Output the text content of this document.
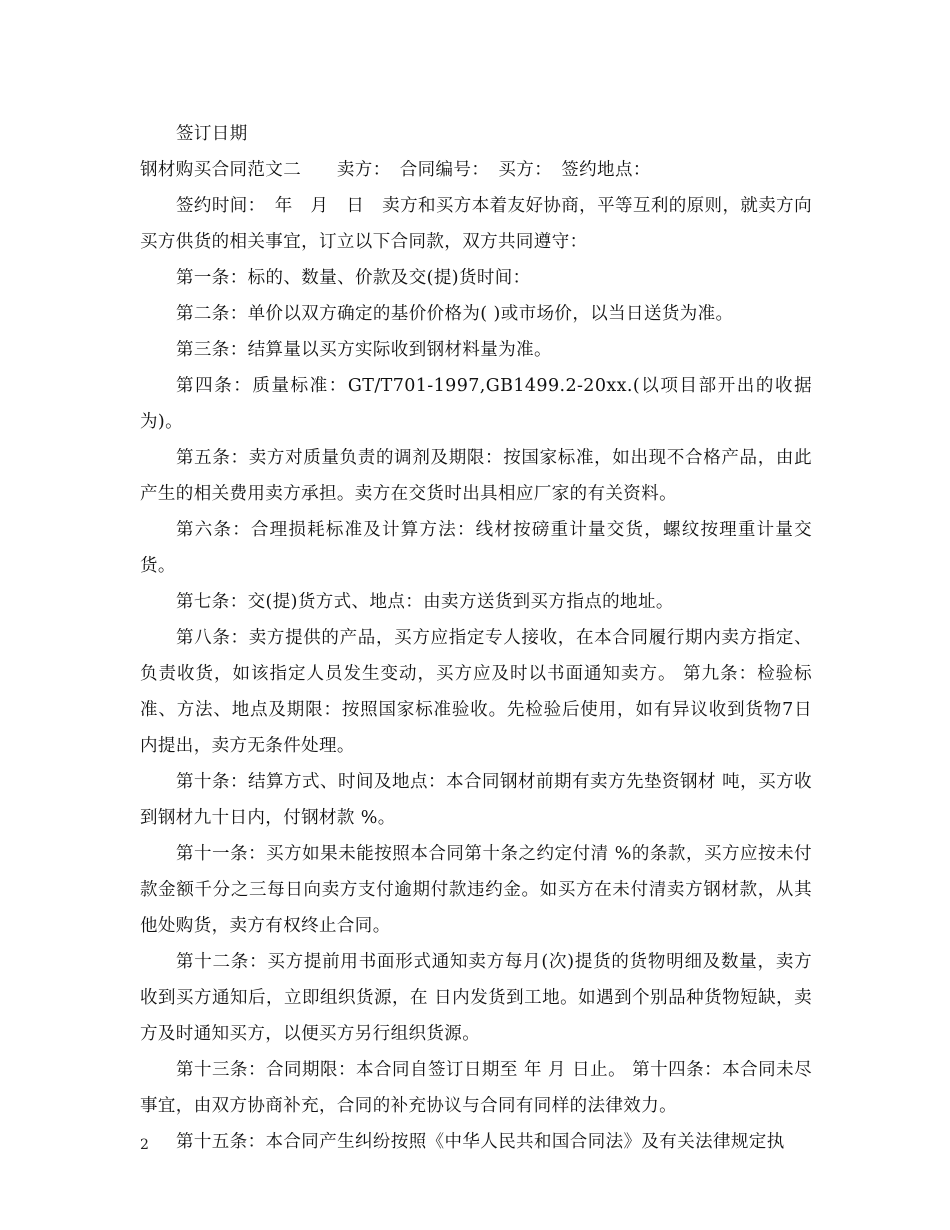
签订日期

钢材购买合同范文二　　卖方：　合同编号：　买方：　签约地点：

签约时间：　年　月　日　卖方和买方本着友好协商，平等互利的原则，就卖方向买方供货的相关事宜，订立以下合同款，双方共同遵守：

第一条：标的、数量、价款及交(提)货时间：

第二条：单价以双方确定的基价价格为( )或市场价，以当日送货为准。

第三条：结算量以买方实际收到钢材料量为准。

第四条：质量标准：GT/T701-1997,GB1499.2-20xx.(以项目部开出的收据为)。

第五条：卖方对质量负责的调剂及期限：按国家标准，如出现不合格产品，由此产生的相关费用卖方承担。卖方在交货时出具相应厂家的有关资料。

第六条：合理损耗标准及计算方法：线材按磅重计量交货，螺纹按理重计量交货。

第七条：交(提)货方式、地点：由卖方送货到买方指点的地址。

第八条：卖方提供的产品，买方应指定专人接收，在本合同履行期内卖方指定、 负责收货，如该指定人员发生变动，买方应及时以书面通知卖方。 第九条：检验标准、方法、地点及期限：按照国家标准验收。先检验后使用，如有异议收到货物7日内提出，卖方无条件处理。

第十条：结算方式、时间及地点：本合同钢材前期有卖方先垫资钢材 吨，买方收到钢材九十日内，付钢材款 %。

第十一条：买方如果未能按照本合同第十条之约定付清 %的条款，买方应按未付款金额千分之三每日向卖方支付逾期付款违约金。如买方在未付清卖方钢材款，从其他处购货，卖方有权终止合同。

第十二条：买方提前用书面形式通知卖方每月(次)提货的货物明细及数量，卖方收到买方通知后，立即组织货源，在 日内发货到工地。如遇到个别品种货物短缺，卖方及时通知买方，以便买方另行组织货源。

第十三条：合同期限：本合同自签订日期至 年 月 日止。 第十四条：本合同未尽事宜，由双方协商补充，合同的补充协议与合同有同样的法律效力。

第十五条：本合同产生纠纷按照《中华人民共和国合同法》及有关法律规定执

2
